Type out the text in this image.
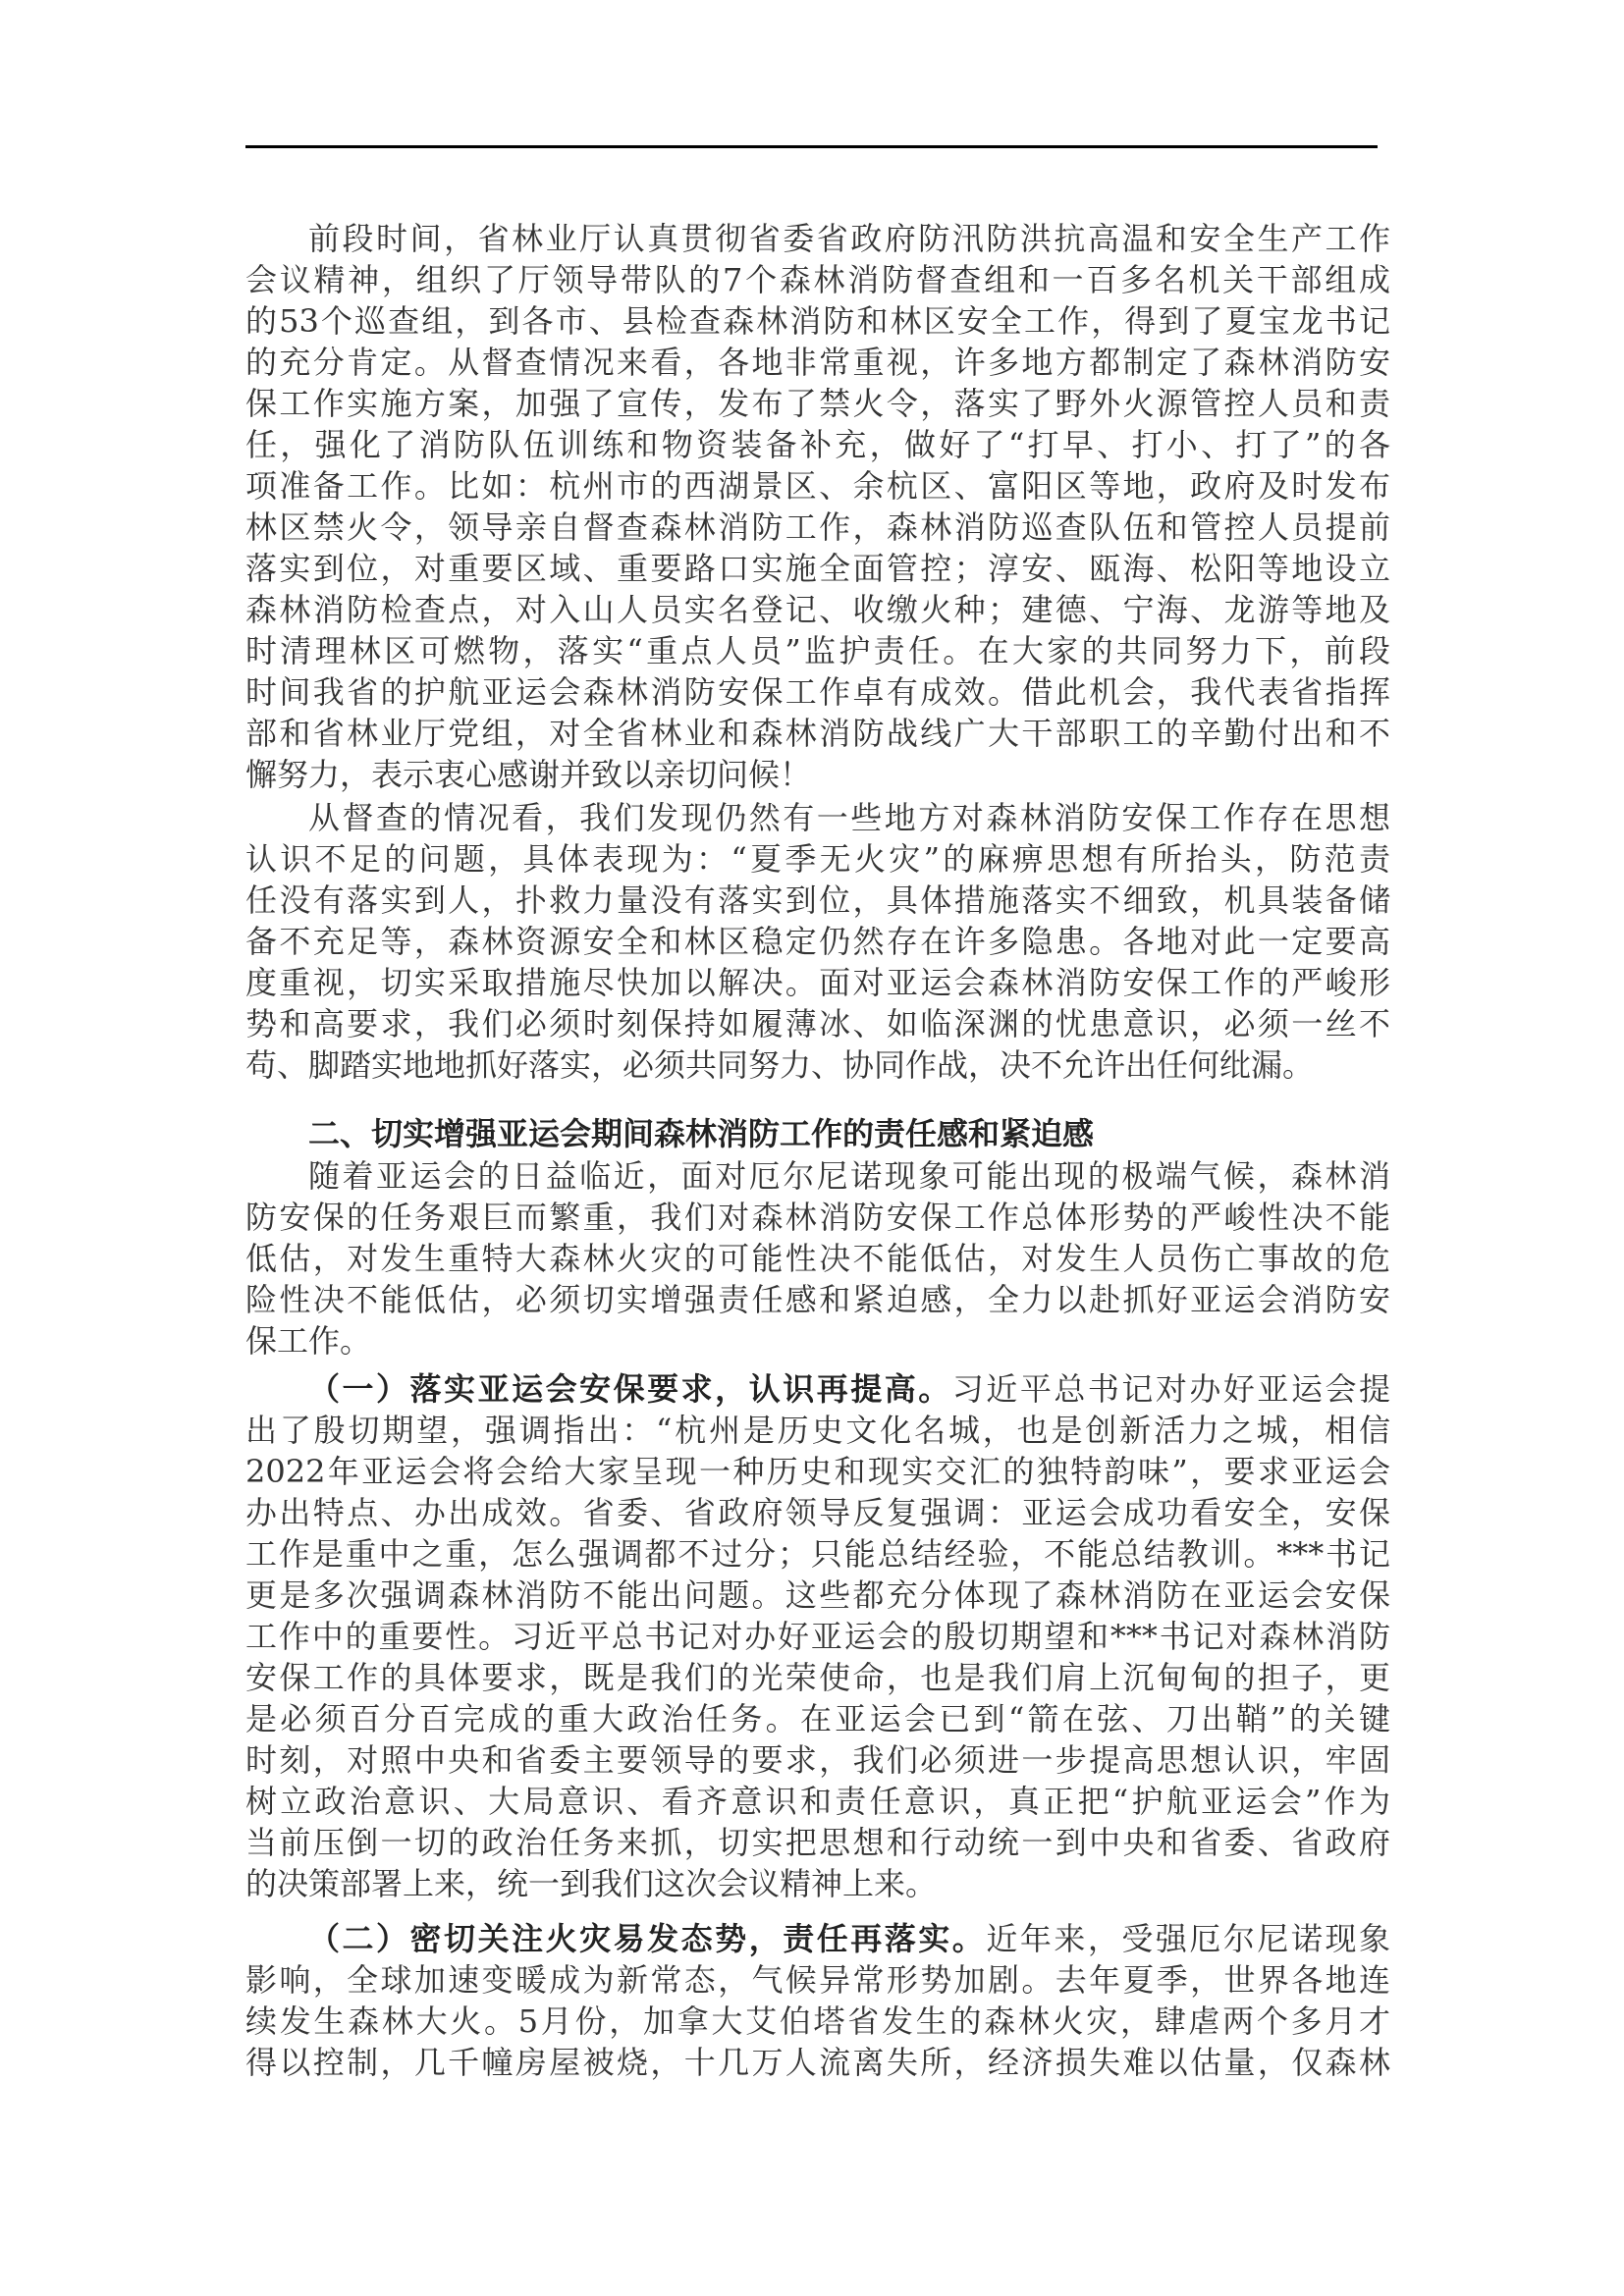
前段时间，省林业厅认真贯彻省委省政府防汛防洪抗高温和安全生产工作
会议精神，组织了厅领导带队的7个森林消防督查组和一百多名机关干部组成
的53个巡查组，到各市、县检查森林消防和林区安全工作，得到了夏宝龙书记
的充分肯定。从督查情况来看，各地非常重视，许多地方都制定了森林消防安
保工作实施方案，加强了宣传，发布了禁火令，落实了野外火源管控人员和责
任，强化了消防队伍训练和物资装备补充，做好了“打早、打小、打了”的各
项准备工作。比如：杭州市的西湖景区、余杭区、富阳区等地，政府及时发布
林区禁火令，领导亲自督查森林消防工作，森林消防巡查队伍和管控人员提前
落实到位，对重要区域、重要路口实施全面管控；淳安、瓯海、松阳等地设立
森林消防检查点，对入山人员实名登记、收缴火种；建德、宁海、龙游等地及
时清理林区可燃物，落实“重点人员”监护责任。在大家的共同努力下，前段
时间我省的护航亚运会森林消防安保工作卓有成效。借此机会，我代表省指挥
部和省林业厅党组，对全省林业和森林消防战线广大干部职工的辛勤付出和不
懈努力，表示衷心感谢并致以亲切问候！
从督查的情况看，我们发现仍然有一些地方对森林消防安保工作存在思想
认识不足的问题，具体表现为：“夏季无火灾”的麻痹思想有所抬头，防范责
任没有落实到人，扑救力量没有落实到位，具体措施落实不细致，机具装备储
备不充足等，森林资源安全和林区稳定仍然存在许多隐患。各地对此一定要高
度重视，切实采取措施尽快加以解决。面对亚运会森林消防安保工作的严峻形
势和高要求，我们必须时刻保持如履薄冰、如临深渊的忧患意识，必须一丝不
苟、脚踏实地地抓好落实，必须共同努力、协同作战，决不允许出任何纰漏。
二、切实增强亚运会期间森林消防工作的责任感和紧迫感
随着亚运会的日益临近，面对厄尔尼诺现象可能出现的极端气候，森林消
防安保的任务艰巨而繁重，我们对森林消防安保工作总体形势的严峻性决不能
低估，对发生重特大森林火灾的可能性决不能低估，对发生人员伤亡事故的危
险性决不能低估，必须切实增强责任感和紧迫感，全力以赴抓好亚运会消防安
保工作。
（一）落实亚运会安保要求，认识再提高。习近平总书记对办好亚运会提
出了殷切期望，强调指出：“杭州是历史文化名城，也是创新活力之城，相信
2022年亚运会将会给大家呈现一种历史和现实交汇的独特韵味”，要求亚运会
办出特点、办出成效。省委、省政府领导反复强调：亚运会成功看安全，安保
工作是重中之重，怎么强调都不过分；只能总结经验，不能总结教训。***书记
更是多次强调森林消防不能出问题。这些都充分体现了森林消防在亚运会安保
工作中的重要性。习近平总书记对办好亚运会的殷切期望和***书记对森林消防
安保工作的具体要求，既是我们的光荣使命，也是我们肩上沉甸甸的担子，更
是必须百分百完成的重大政治任务。在亚运会已到“箭在弦、刀出鞘”的关键
时刻，对照中央和省委主要领导的要求，我们必须进一步提高思想认识，牢固
树立政治意识、大局意识、看齐意识和责任意识，真正把“护航亚运会”作为
当前压倒一切的政治任务来抓，切实把思想和行动统一到中央和省委、省政府
的决策部署上来，统一到我们这次会议精神上来。
（二）密切关注火灾易发态势，责任再落实。近年来，受强厄尔尼诺现象
影响，全球加速变暖成为新常态，气候异常形势加剧。去年夏季，世界各地连
续发生森林大火。5月份，加拿大艾伯塔省发生的森林火灾，肆虐两个多月才
得以控制，几千幢房屋被烧，十几万人流离失所，经济损失难以估量，仅森林
